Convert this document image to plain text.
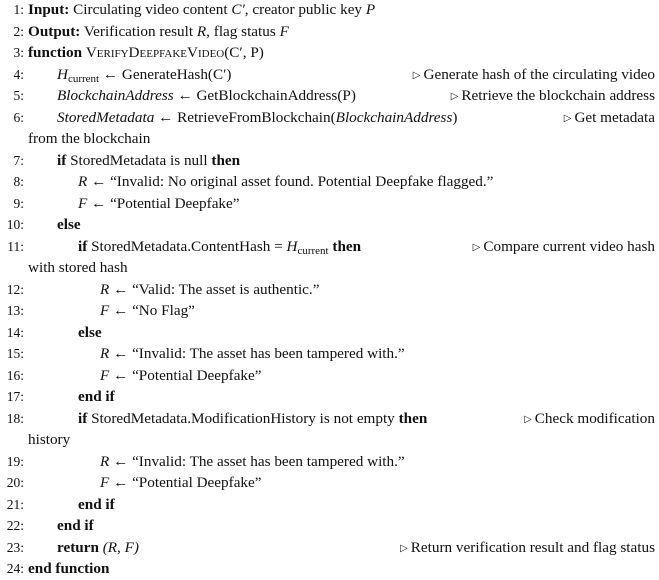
1: Input: Circulating video content C′, creator public key P
2: Output: Verification result R, flag status F
3: function VerifyDeepfakeVideo(C′, P)
4: $H_{current}$ ← GenerateHash(C′)	▷ Generate hash of the circulating video
5: BlockchainAddress ← GetBlockchainAddress(P)	▷ Retrieve the blockchain address
6: StoredMetadata ← RetrieveFromBlockchain(BlockchainAddress)	▷ Get metadata
from the blockchain
7: if StoredMetadata is null then
8:	R ← “Invalid: No original asset found. Potential Deepfake flagged.”
9:	F ← “Potential Deepfake”
10: else
11:	if StoredMetadata.ContentHash = $H_{current}$ then	▷ Compare current video hash
with stored hash
12:	R ← “Valid: The asset is authentic.”
13:	F ← “No Flag”
14:	else
15:	R ← “Invalid: The asset has been tampered with.”
16:	F ← “Potential Deepfake”
17:	end if
18:	if StoredMetadata.ModificationHistory is not empty then	▷ Check modification
history
19:	R ← “Invalid: The asset has been tampered with.”
20:	F ← “Potential Deepfake”
21:	end if
22: end if
23: return (R, F)	▷ Return verification result and flag status
24: end function
